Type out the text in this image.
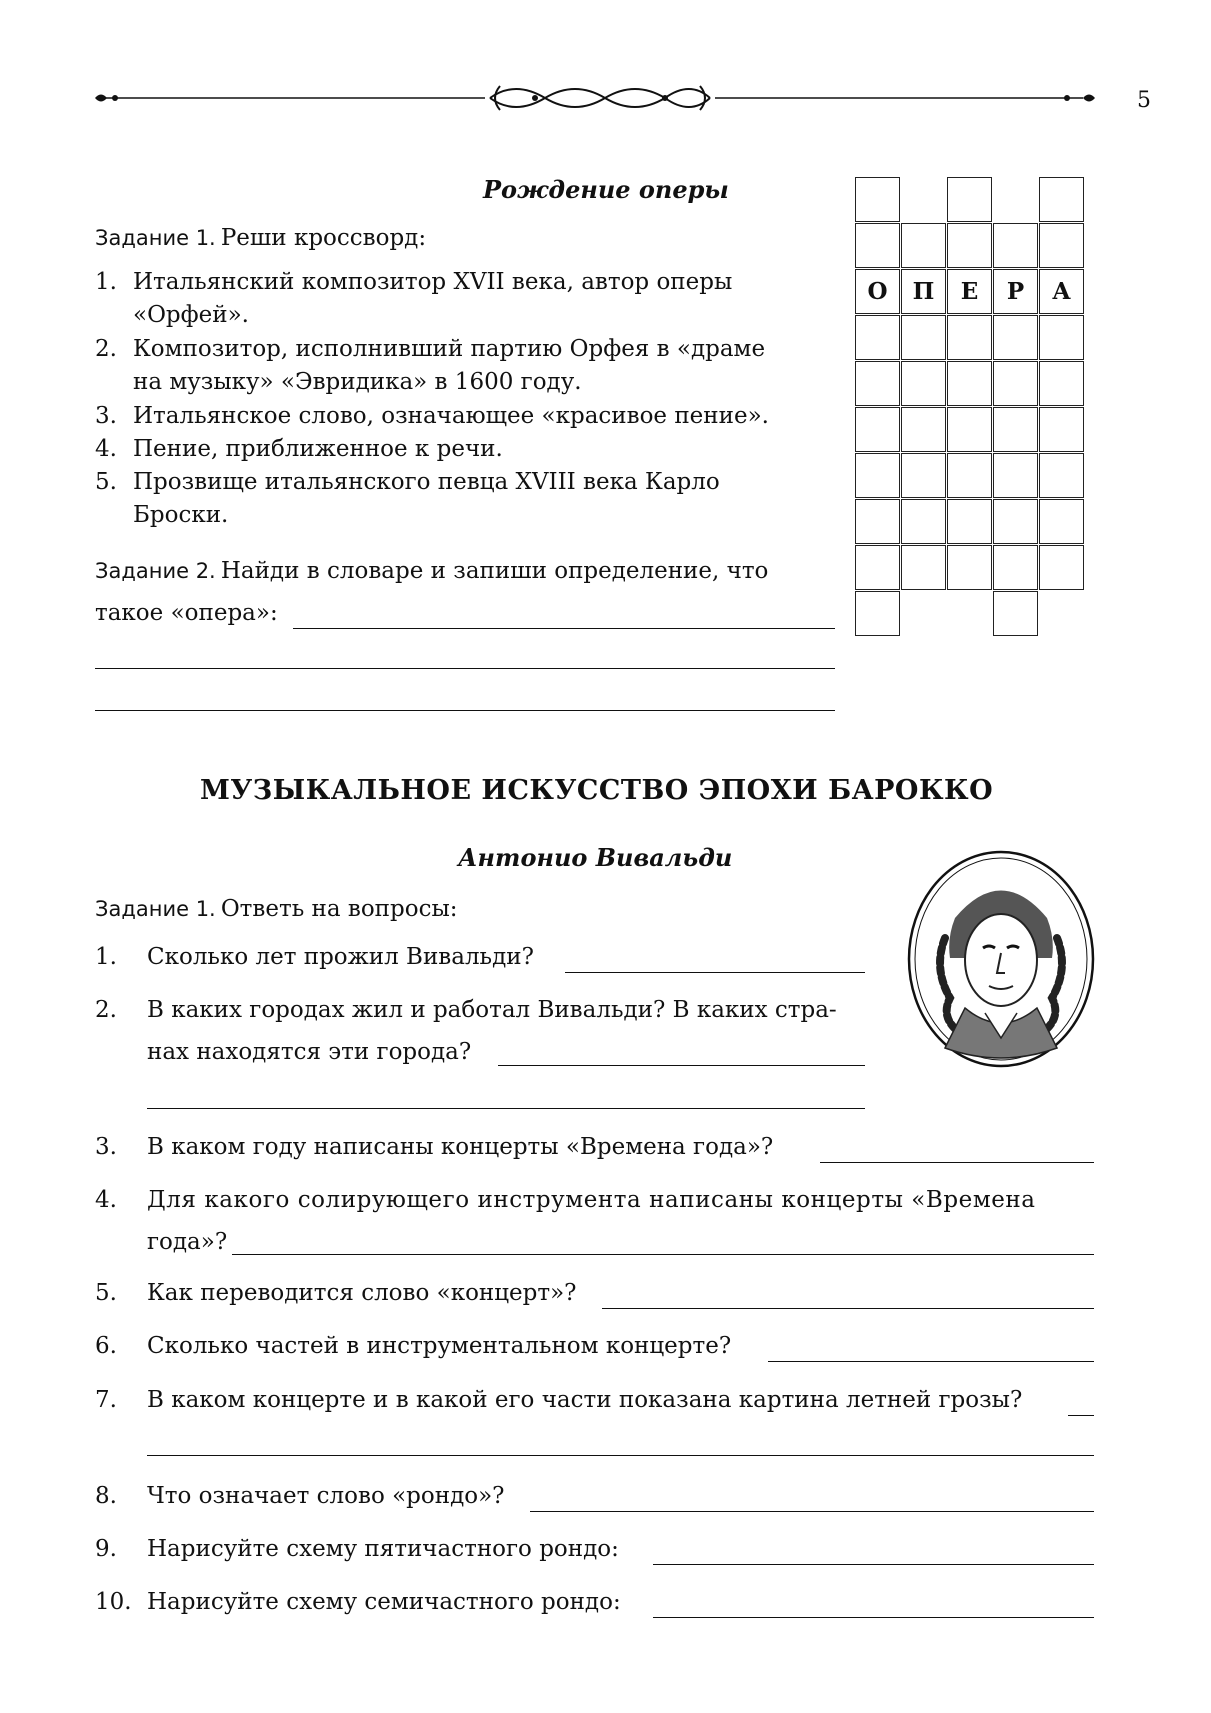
5
Рождение оперы
Задание 1. Реши кроссворд:
1. Итальянский композитор XVII века, автор оперы
«Орфей».
2. Композитор, исполнивший партию Орфея в «драме
на музыку» «Эвридика» в 1600 году.
3. Итальянское слово, означающее «красивое пение».
4. Пение, приближенное к речи.
5. Прозвище итальянского певца XVIII века Карло
Броски.
Задание 2. Найди в словаре и запиши определение, что
такое «опера»:
О	П	Е	Р	А
МУЗЫКАЛЬНОЕ ИСКУССТВО ЭПОХИ БАРОККО
Антонио Вивальди
Задание 1. Ответь на вопросы:
1. Сколько лет прожил Вивальди?
2. В каких городах жил и работал Вивальди? В каких стра-
нах находятся эти города?
3. В каком году написаны концерты «Времена года»?
4. Для какого солирующего инструмента написаны концерты «Времена
года»?
5. Как переводится слово «концерт»?
6. Сколько частей в инструментальном концерте?
7. В каком концерте и в какой его части показана картина летней грозы?
8. Что означает слово «рондо»?
9. Нарисуйте схему пятичастного рондо:
10. Нарисуйте схему семичастного рондо:
